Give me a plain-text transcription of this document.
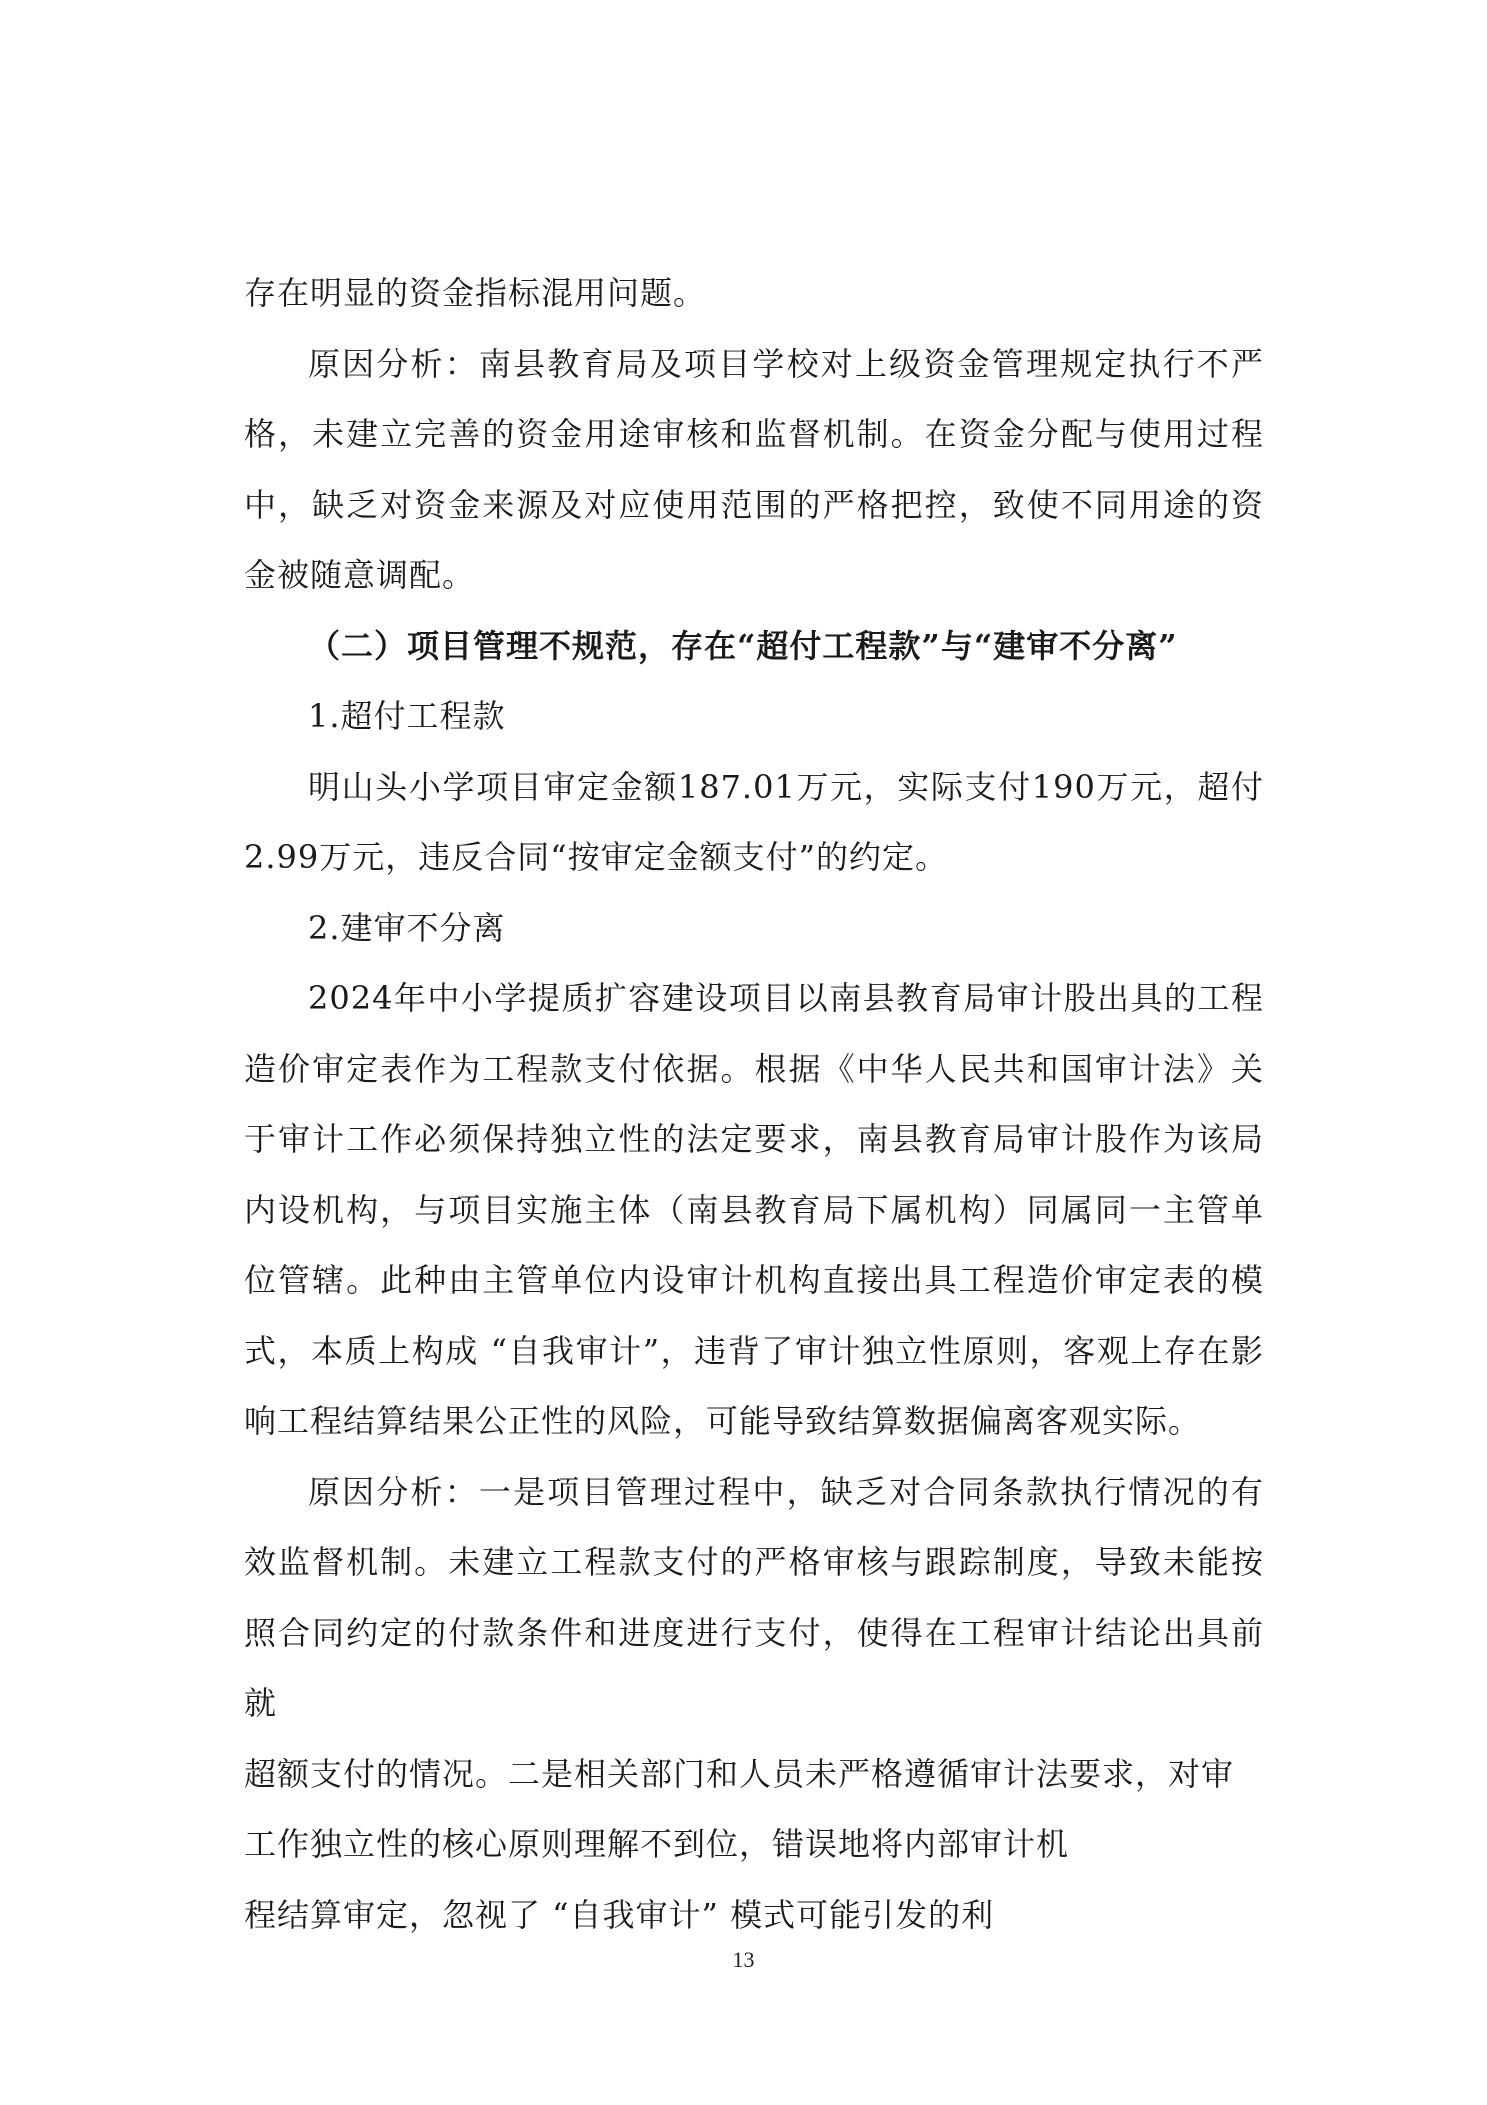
存在明显的资金指标混用问题。

原因分析：南县教育局及项目学校对上级资金管理规定执行不严格，未建立完善的资金用途审核和监督机制。在资金分配与使用过程中，缺乏对资金来源及对应使用范围的严格把控，致使不同用途的资金被随意调配。

（二）项目管理不规范，存在“超付工程款”与“建审不分离”

1.超付工程款

明山头小学项目审定金额187.01万元，实际支付190万元，超付2.99万元，违反合同“按审定金额支付”的约定。

2.建审不分离

2024年中小学提质扩容建设项目以南县教育局审计股出具的工程造价审定表作为工程款支付依据。根据《中华人民共和国审计法》关于审计工作必须保持独立性的法定要求，南县教育局审计股作为该局内设机构，与项目实施主体（南县教育局下属机构）同属同一主管单位管辖。此种由主管单位内设审计机构直接出具工程造价审定表的模式，本质上构成 “自我审计”，违背了审计独立性原则，客观上存在影响工程结算结果公正性的风险，可能导致结算数据偏离客观实际。

原因分析：一是项目管理过程中，缺乏对合同条款执行情况的有效监督机制。未建立工程款支付的严格审核与跟踪制度，导致未能按照合同约定的付款条件和进度进行支付，使得在工程审计结论出具前就

超额支付的情况。二是相关部门和人员未严格遵循审计法要求，对审

工作独立性的核心原则理解不到位，错误地将内部审计机

程结算审定，忽视了 “自我审计” 模式可能引发的利

13
